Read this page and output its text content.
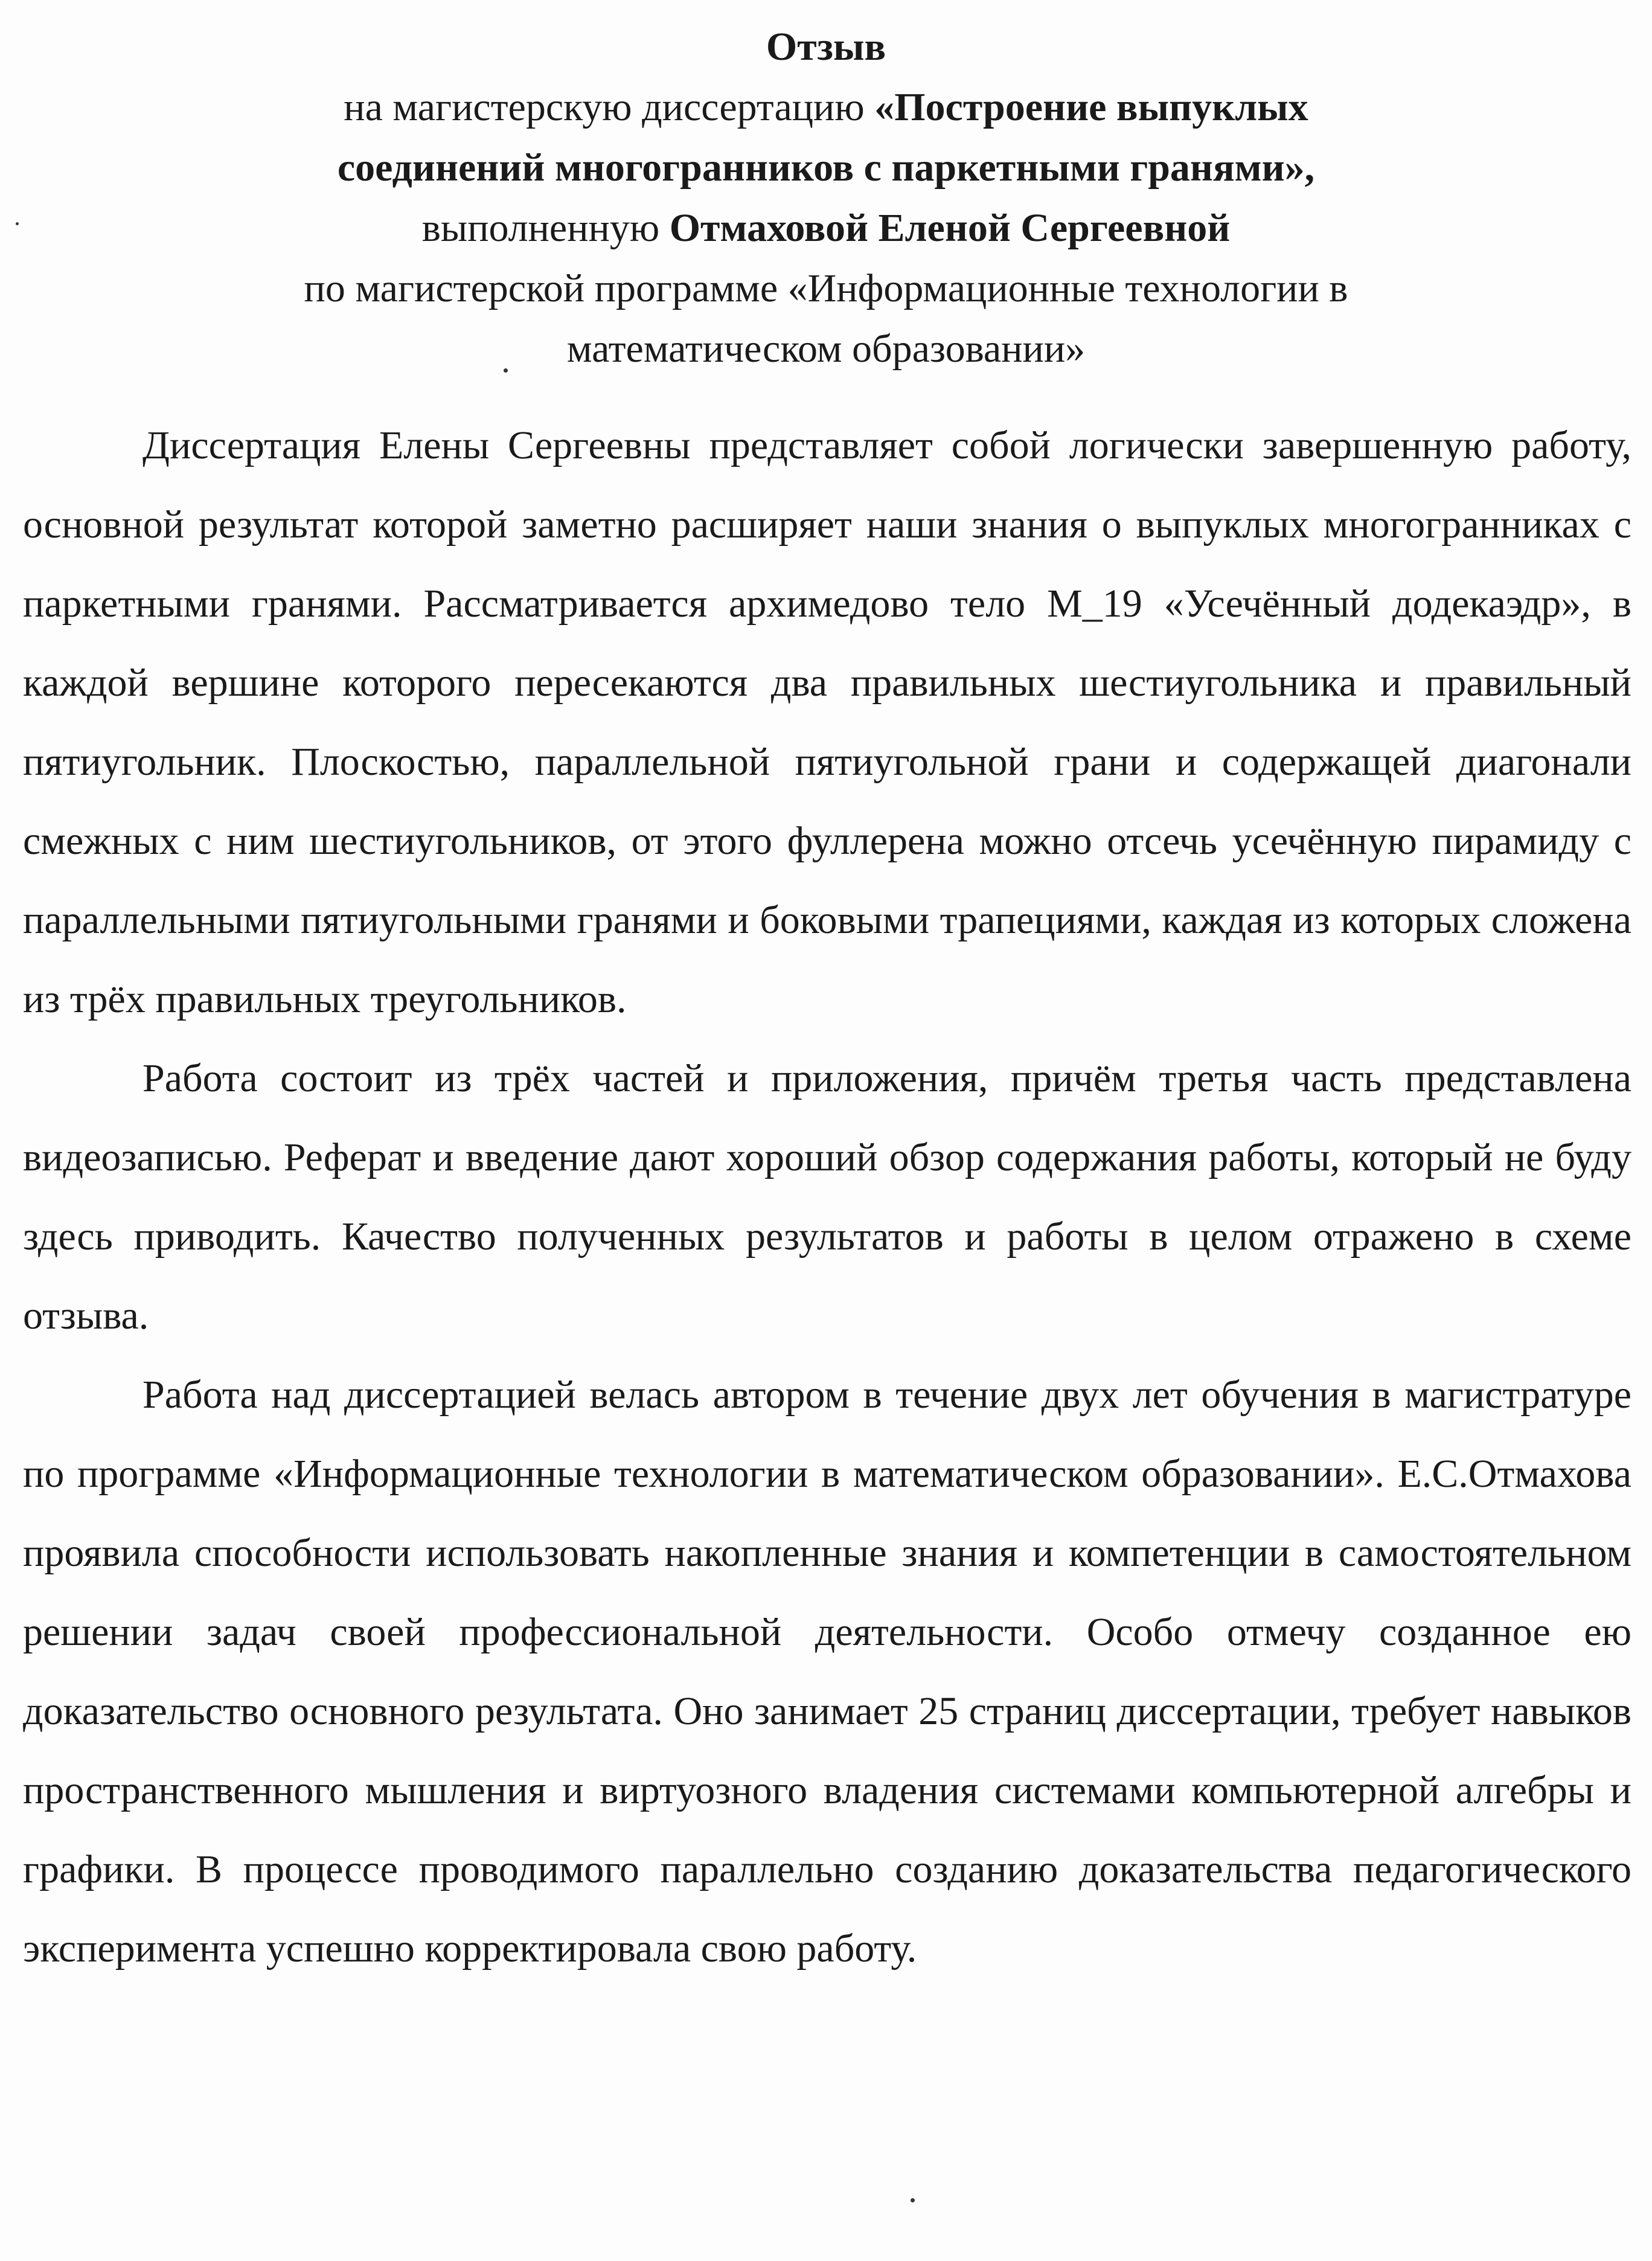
Отзыв
на магистерскую диссертацию «Построение выпуклых
соединений многогранников с паркетными гранями»,
выполненную Отмаховой Еленой Сергеевной
по магистерской программе «Информационные технологии в
математическом образовании»

Диссертация Елены Сергеевны представляет собой логически завершенную работу, основной результат которой заметно расширяет наши знания о выпуклых многогранниках с паркетными гранями. Рассматривается архимедово тело М_19 «Усечённый додекаэдр», в каждой вершине которого пересекаются два правильных шестиугольника и правильный пятиугольник. Плоскостью, параллельной пятиугольной грани и содержащей диагонали смежных с ним шестиугольников, от этого фуллерена можно отсечь усечённую пирамиду с параллельными пятиугольными гранями и боковыми трапециями, каждая из которых сложена из трёх правильных треугольников.

Работа состоит из трёх частей и приложения, причём третья часть представлена видеозаписью. Реферат и введение дают хороший обзор содержания работы, который не буду здесь приводить. Качество полученных результатов и работы в целом отражено в схеме отзыва.

Работа над диссертацией велась автором в течение двух лет обучения в магистратуре по программе «Информационные технологии в математическом образовании». Е.С.Отмахова проявила способности использовать накопленные знания и компетенции в самостоятельном решении задач своей профессиональной деятельности. Особо отмечу созданное ею доказательство основного результата. Оно занимает 25 страниц диссертации, требует навыков пространственного мышления и виртуозного владения системами компьютерной алгебры и графики. В процессе проводимого параллельно созданию доказательства педагогического эксперимента успешно корректировала свою работу.
